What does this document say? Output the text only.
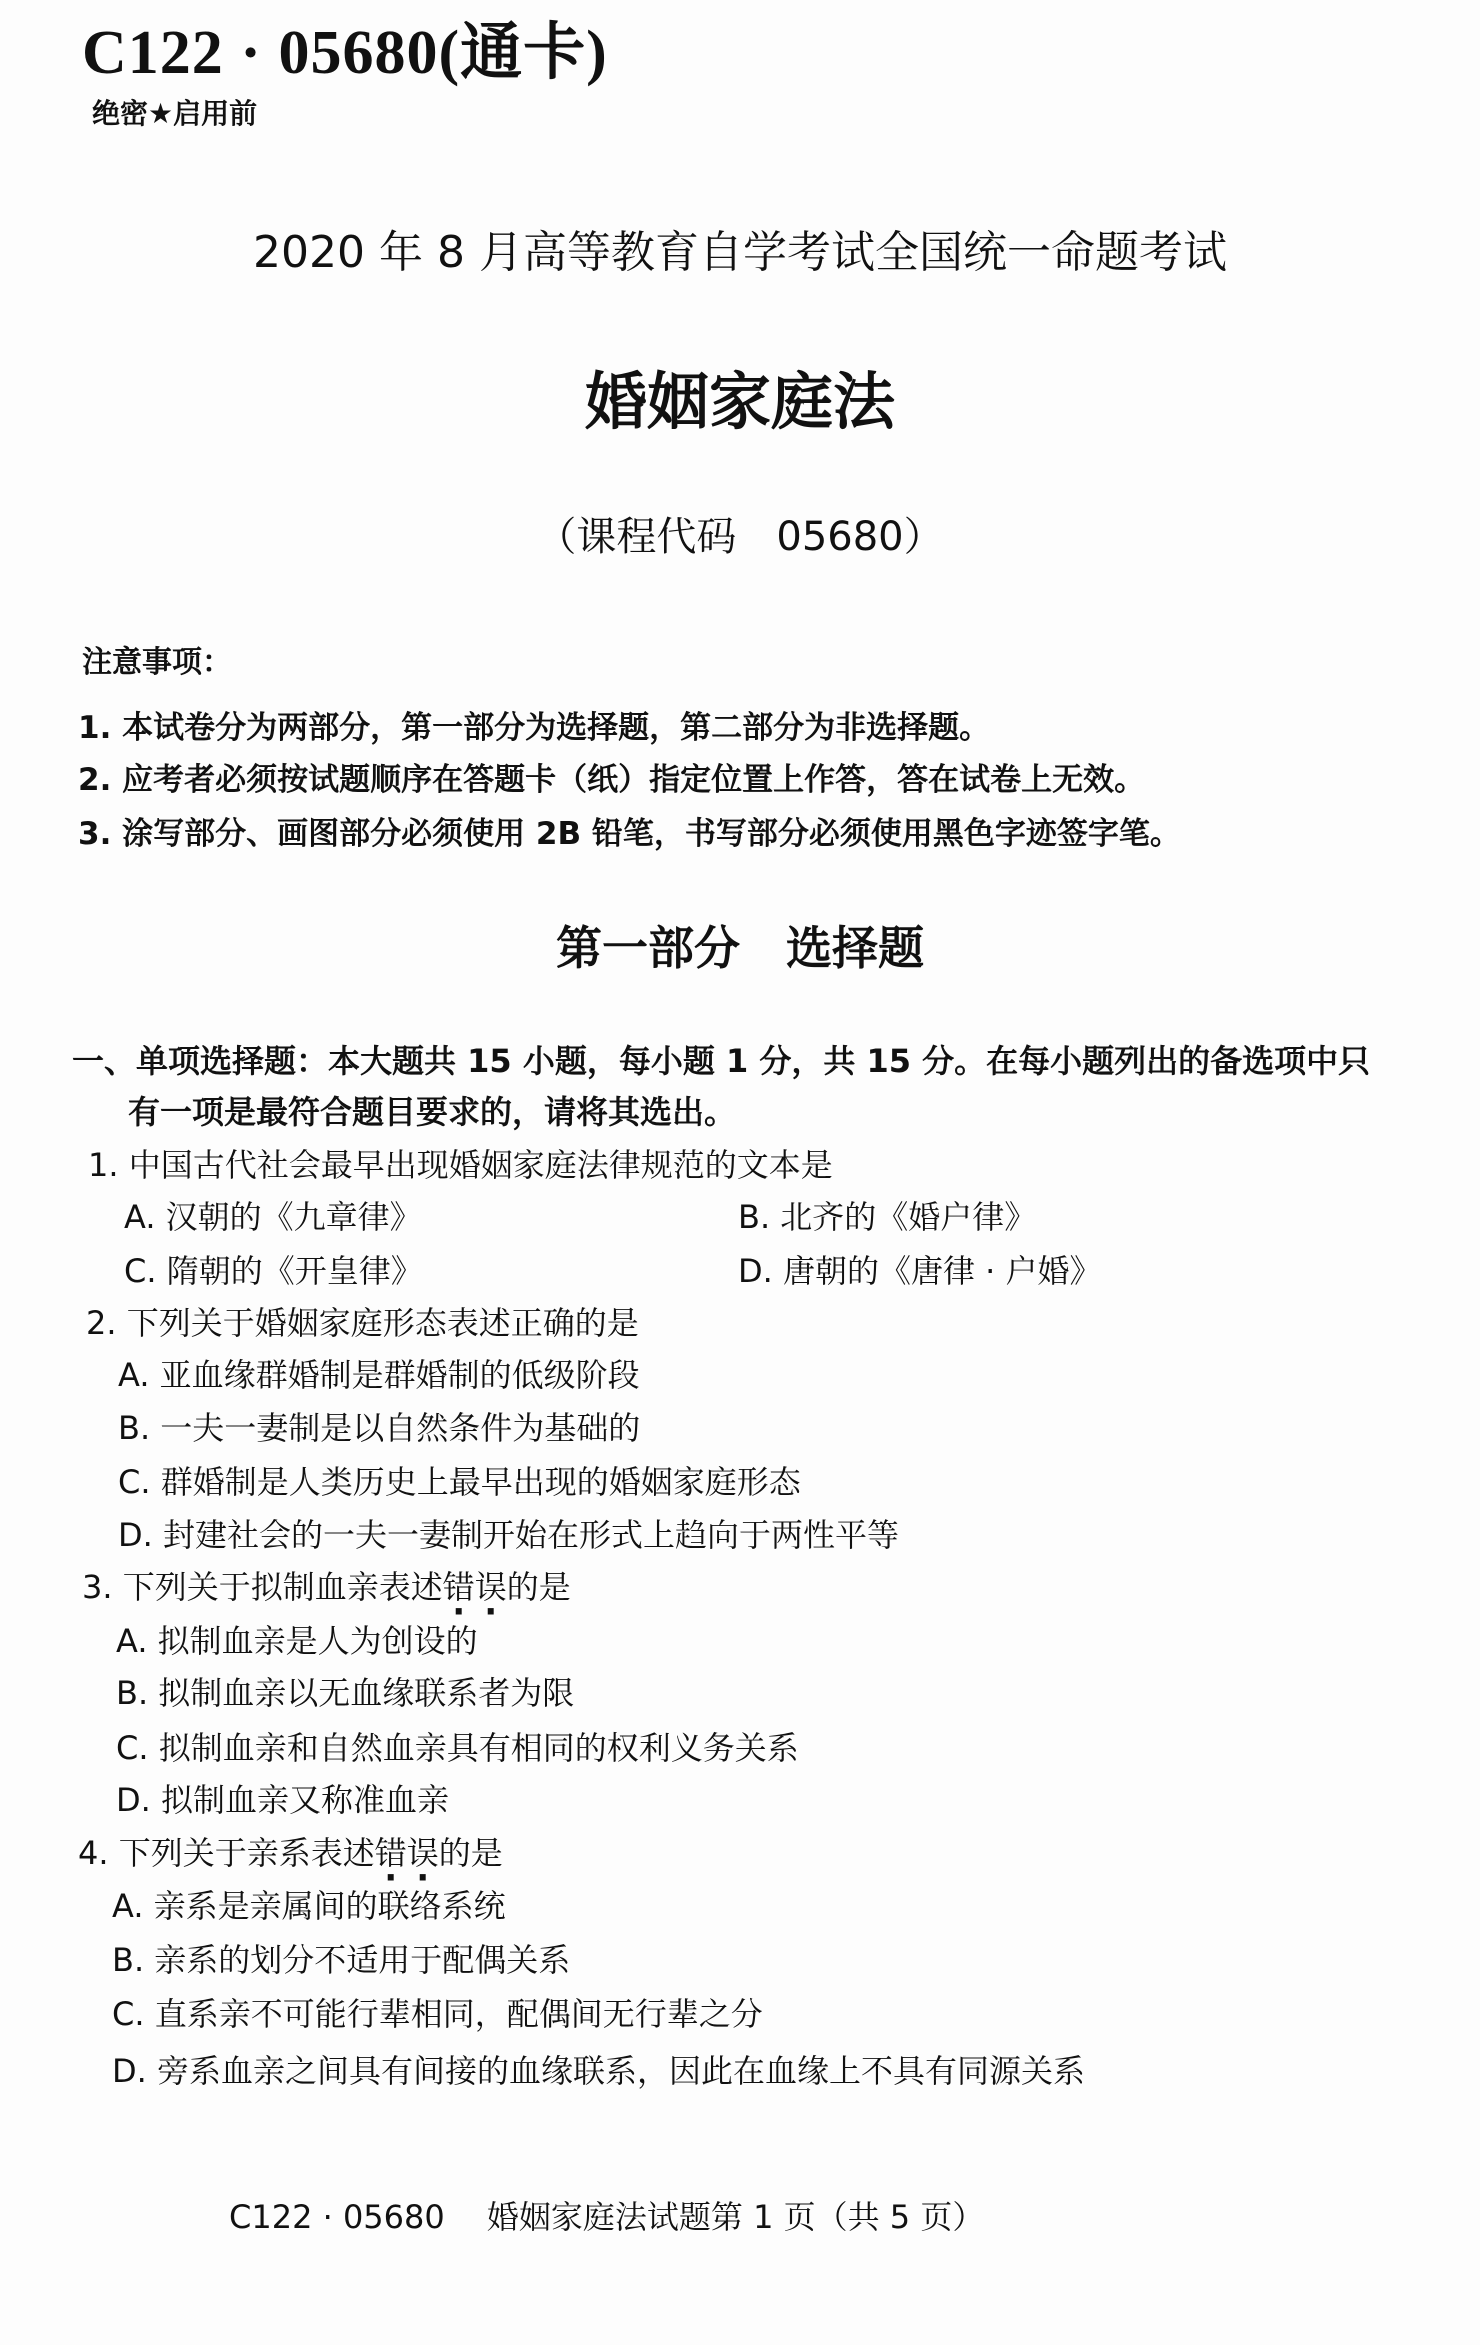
C122 · 05680(通卡)
绝密★启用前
2020 年 8 月高等教育自学考试全国统一命题考试
婚姻家庭法
（课程代码　05680）
注意事项：
1. 本试卷分为两部分，第一部分为选择题，第二部分为非选择题。
2. 应考者必须按试题顺序在答题卡（纸）指定位置上作答，答在试卷上无效。
3. 涂写部分、画图部分必须使用 2B 铅笔，书写部分必须使用黑色字迹签字笔。
第一部分　选择题
一、单项选择题：本大题共 15 小题，每小题 1 分，共 15 分。在每小题列出的备选项中只
有一项是最符合题目要求的，请将其选出。
1. 中国古代社会最早出现婚姻家庭法律规范的文本是
A. 汉朝的《九章律》	B. 北齐的《婚户律》
C. 隋朝的《开皇律》	D. 唐朝的《唐律 · 户婚》
2. 下列关于婚姻家庭形态表述正确的是
A. 亚血缘群婚制是群婚制的低级阶段
B. 一夫一妻制是以自然条件为基础的
C. 群婚制是人类历史上最早出现的婚姻家庭形态
D. 封建社会的一夫一妻制开始在形式上趋向于两性平等
3. 下列关于拟制血亲表述错误的是
A. 拟制血亲是人为创设的
B. 拟制血亲以无血缘联系者为限
C. 拟制血亲和自然血亲具有相同的权利义务关系
D. 拟制血亲又称准血亲
4. 下列关于亲系表述错误的是
A. 亲系是亲属间的联络系统
B. 亲系的划分不适用于配偶关系
C. 直系亲不可能行辈相同，配偶间无行辈之分
D. 旁系血亲之间具有间接的血缘联系，因此在血缘上不具有同源关系
C122 · 05680　 婚姻家庭法试题第 1 页（共 5 页）
